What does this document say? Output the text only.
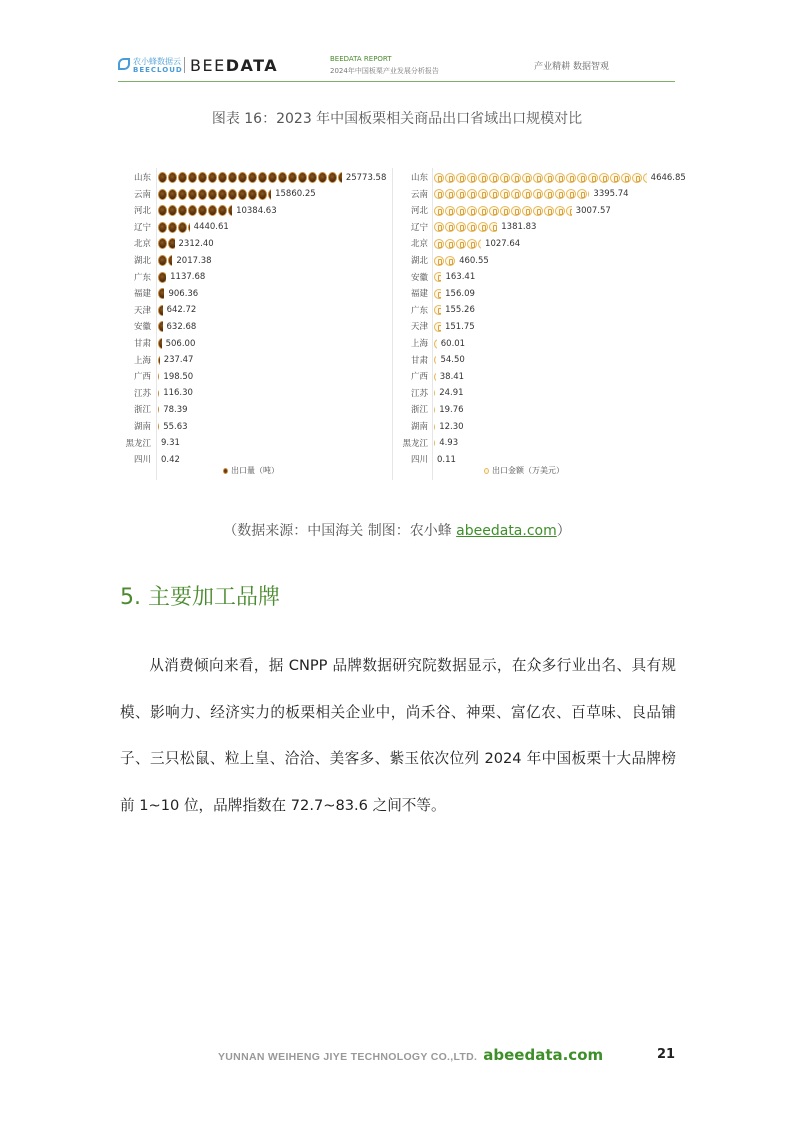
农小蜂数据云
BEECLOUD BEEDATA	BEEDATA REPORT
2024年中国板栗产业发展分析报告	产业精耕 数据智观
图表 16：2023 年中国板栗相关商品出口省域出口规模对比
出口量（吨）	出口金额（万美元）
山东	25773.58
云南	15860.25
河北	10384.63
辽宁	4440.61
北京	2312.40
湖北	2017.38
广东 1137.68
福建 906.36
天津 642.72
安徽 632.68
甘肃 506.00
上海 237.47
广西 198.50
江苏 116.30
浙江 78.39
湖南 55.63
黑龙江 9.31
四川 0.42
山东	4646.85
云南	3395.74
河北	3007.57
辽宁	1381.83
北京	1027.64
湖北	460.55
安徽 163.41
福建 156.09
广东 155.26
天津 151.75
上海 60.01
甘肃 54.50
广西 38.41
江苏 24.91
浙江 19.76
湖南 12.30
黑龙江 4.93
四川 0.11
（数据来源：中国海关 制图：农小蜂 abeedata.com）
5. 主要加工品牌

从消费倾向来看，据 CNPP 品牌数据研究院数据显示，在众多行业出名、具有规模、影响力、经济实力的板栗相关企业中，尚禾谷、神栗、富亿农、百草味、良品铺子、三只松鼠、粒上皇、洽洽、美客多、紫玉依次位列 2024 年中国板栗十大品牌榜前 1~10 位，品牌指数在 72.7~83.6 之间不等。

YUNNAN WEIHENG JIYE TECHNOLOGY CO.,LTD. abeedata.com	21
